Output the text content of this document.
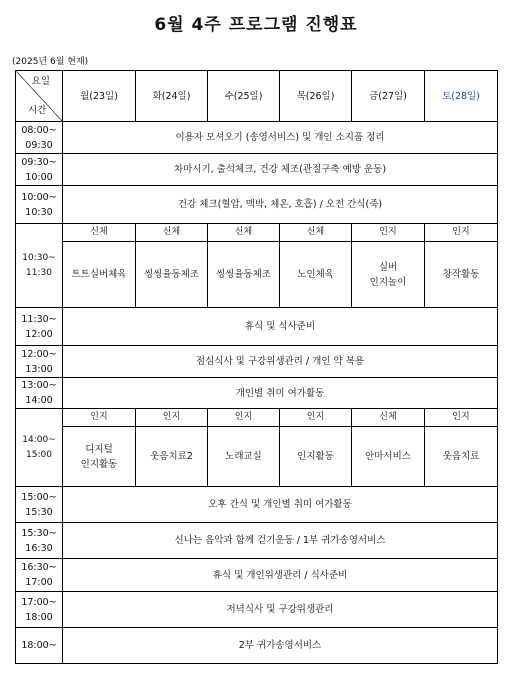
6월 4주 프로그램 진행표
(2025년 6월 현재)
요일
시간	월(23일)	화(24일)	수(25일)	목(26일)	금(27일)	토(28일)
08:00~
09:30	이용자 모셔오기 (송영서비스) 및 개인 소지품 정리					
09:30~
10:00	차마시기, 출석체크, 건강 체조(관절구축 예방 운동)					
10:00~
10:30	건강 체크(혈압, 맥박, 체온, 호흡) / 오전 간식(죽)					
10:30~
11:30	신체	신체	신체	신체	인지	인지
	트트실버체육	씽씽율동체조	씽씽율동체조	노인체육	실버
인지놀이	창작활동
11:30~
12:00	휴식 및 식사준비					
12:00~
13:00	점심식사 및 구강위생관리 / 개인 약 복용					
13:00~
14:00	개인별 취미 여가활동					
14:00~
15:00	인지	인지	인지	인지	신체	인지
	디지털
인지활동	웃음치료2	노래교실	인지활동	안마서비스	웃음치료
15:00~
15:30	오후 간식 및 개인별 취미 여가활동					
15:30~
16:30	신나는 음악과 함께 걷기운동 / 1부 귀가송영서비스					
16:30~
17:00	휴식 및 개인위생관리 / 식사준비					
17:00~
18:00	저녁식사 및 구강위생관리					
18:00~	2부 귀가송영서비스					
